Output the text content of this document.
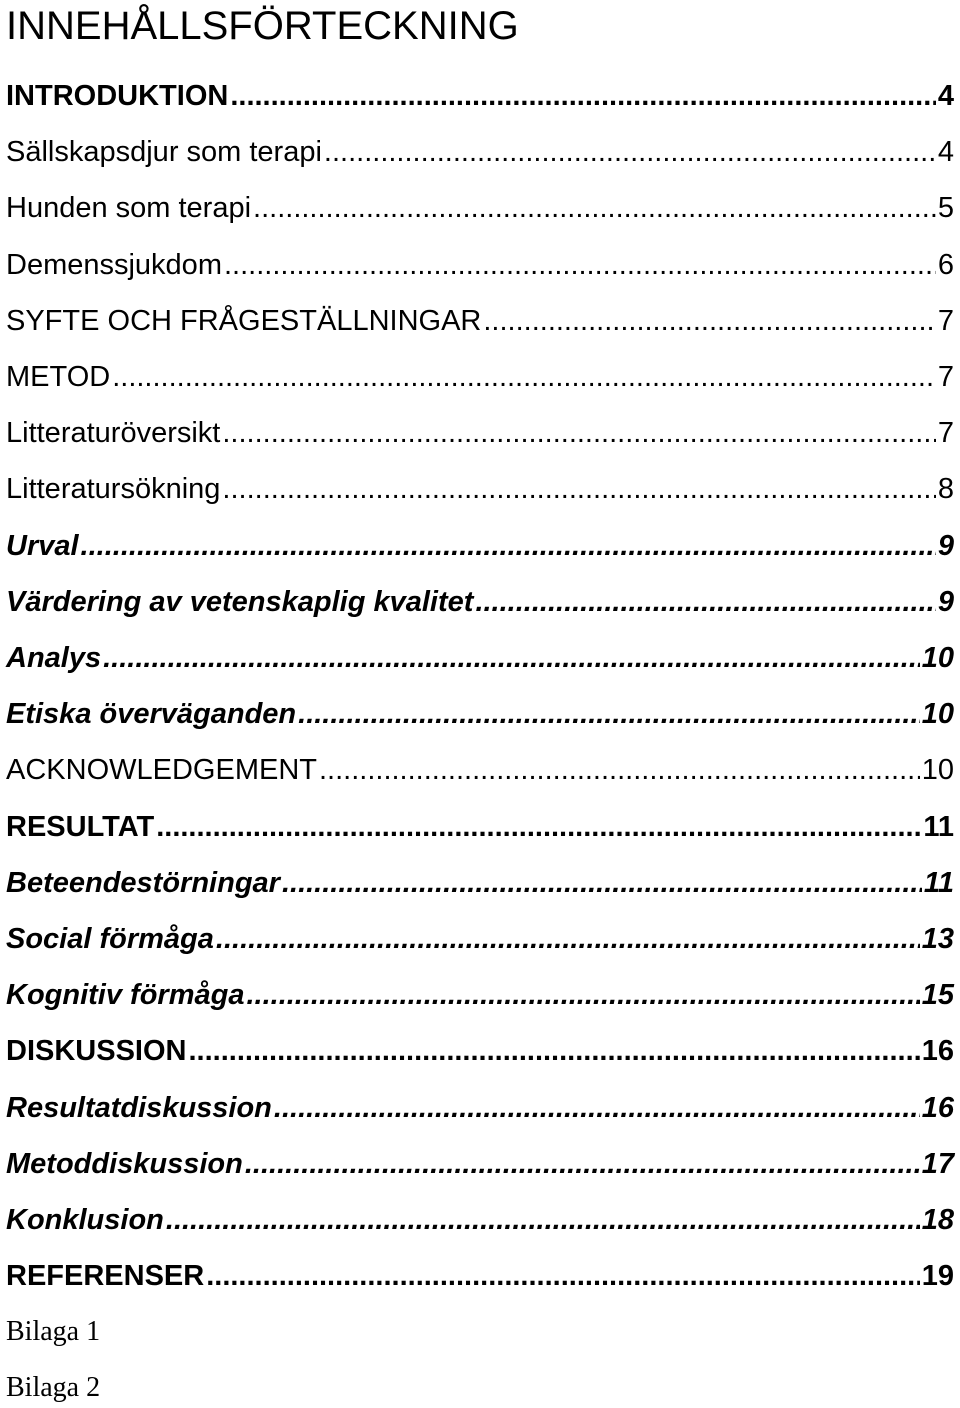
INNEHÅLLSFÖRTECKNING
INTRODUKTION .....	4
Sällskapsdjur som terapi .....	4
Hunden som terapi .....	5
Demenssjukdom .....	6
SYFTE OCH FRÅGESTÄLLNINGAR .....	7
METOD .....	7
Litteraturöversikt .....	7
Litteratursökning .....	8
Urval .....	9
Värdering av vetenskaplig kvalitet .....	9
Analys .....	10
Etiska överväganden .....	10
ACKNOWLEDGEMENT .....	10
RESULTAT .....	11
Beteendestörningar .....	11
Social förmåga .....	13
Kognitiv förmåga .....	15
DISKUSSION .....	16
Resultatdiskussion .....	16
Metoddiskussion .....	17
Konklusion .....	18
REFERENSER .....	19
Bilaga 1
Bilaga 2
